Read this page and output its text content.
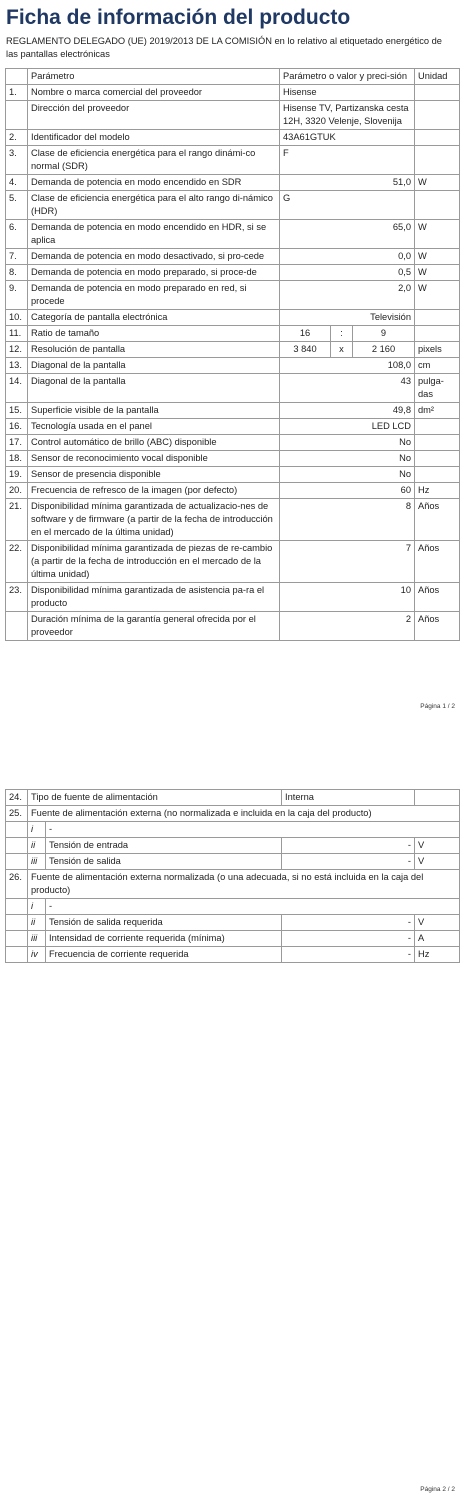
Ficha de información del producto
REGLAMENTO DELEGADO (UE) 2019/2013 DE LA COMISIÓN en lo relativo al etiquetado energético de las pantallas electrónicas
	Parámetro	Parámetro o valor y preci-sión			Unidad
1.	Nombre o marca comercial del proveedor	Hisense			
	Dirección del proveedor	Hisense TV, Partizanska cesta 12H, 3320 Velenje, Slovenija			
2.	Identificador del modelo	43A61GTUK			
3.	Clase de eficiencia energética para el rango dinámi-co normal (SDR)	F			
4.	Demanda de potencia en modo encendido en SDR	51,0			W
5.	Clase de eficiencia energética para el alto rango di-námico (HDR)	G			
6.	Demanda de potencia en modo encendido en HDR, si se aplica	65,0			W
7.	Demanda de potencia en modo desactivado, si pro-cede	0,0			W
8.	Demanda de potencia en modo preparado, si proce-de	0,5			W
9.	Demanda de potencia en modo preparado en red, si procede	2,0			W
10.	Categoría de pantalla electrónica	Televisión			
11.	Ratio de tamaño	16	:	9	
12.	Resolución de pantalla	3 840	x	2 160	pixels
13.	Diagonal de la pantalla	108,0			cm
14.	Diagonal de la pantalla	43			pulga-das
15.	Superficie visible de la pantalla	49,8			dm²
16.	Tecnología usada en el panel	LED LCD			
17.	Control automático de brillo (ABC) disponible	No			
18.	Sensor de reconocimiento vocal disponible	No			
19.	Sensor de presencia disponible	No			
20.	Frecuencia de refresco de la imagen (por defecto)	60			Hz
21.	Disponibilidad mínima garantizada de actualizacio-nes de software y de firmware (a partir de la fecha de introducción en el mercado de la última unidad)	8			Años
22.	Disponibilidad mínima garantizada de piezas de re-cambio (a partir de la fecha de introducción en el mercado de la última unidad)	7			Años
23.	Disponibilidad mínima garantizada de asistencia pa-ra el producto	10			Años
	Duración mínima de la garantía general ofrecida por el proveedor	2			Años
Página 1 / 2
24.	Tipo de fuente de alimentación		Interna	
25.	Fuente de alimentación externa (no normalizada e incluida en la caja del producto)			
	i	-		
	ii	Tensión de entrada	-	V
	iii	Tensión de salida	-	V
26.	Fuente de alimentación externa normalizada (o una adecuada, si no está incluida en la caja del producto)			
	i	-		
	ii	Tensión de salida requerida	-	V
	iii	Intensidad de corriente requerida (mínima)	-	A
	iv	Frecuencia de corriente requerida	-	Hz
Página 2 / 2
